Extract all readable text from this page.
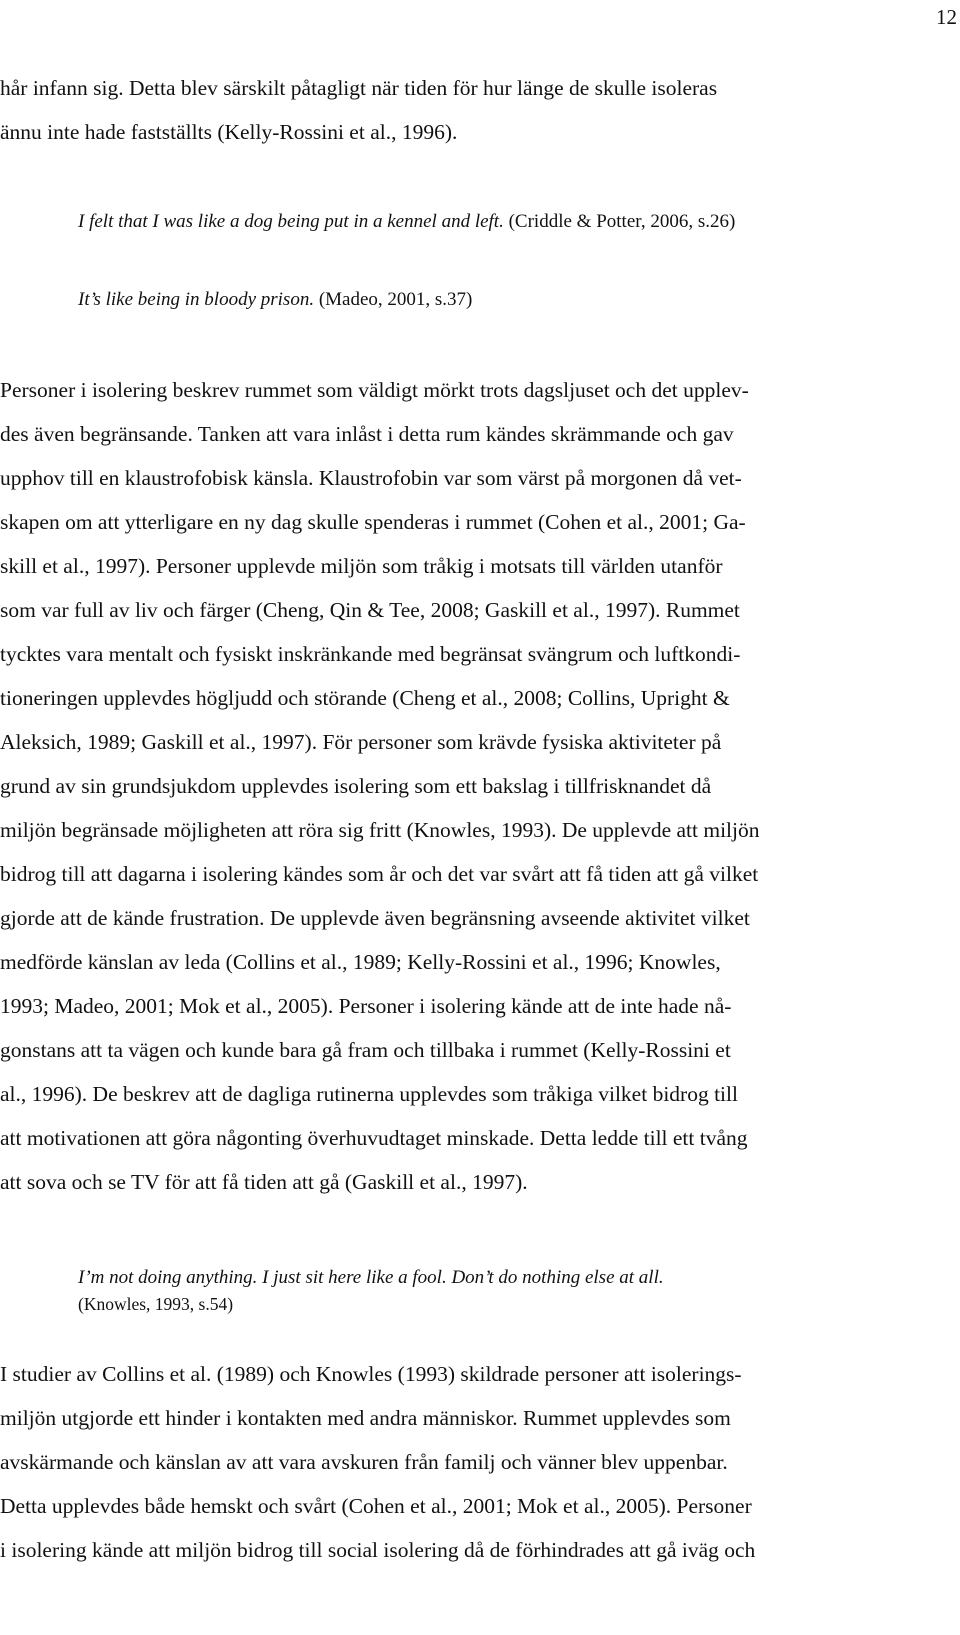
12
hår infann sig. Detta blev särskilt påtagligt när tiden för hur länge de skulle isoleras
ännu inte hade fastställts (Kelly-Rossini et al., 1996).
I felt that I was like a dog being put in a kennel and left. (Criddle & Potter, 2006, s.26)
It’s like being in bloody prison. (Madeo, 2001, s.37)
Personer i isolering beskrev rummet som väldigt mörkt trots dagsljuset och det upplev-
des även begränsande. Tanken att vara inlåst i detta rum kändes skrämmande och gav
upphov till en klaustrofobisk känsla. Klaustrofobin var som värst på morgonen då vet-
skapen om att ytterligare en ny dag skulle spenderas i rummet (Cohen et al., 2001; Ga-
skill et al., 1997). Personer upplevde miljön som tråkig i motsats till världen utanför
som var full av liv och färger (Cheng, Qin & Tee, 2008; Gaskill et al., 1997). Rummet
tycktes vara mentalt och fysiskt inskränkande med begränsat svängrum och luftkondi-
tioneringen upplevdes högljudd och störande (Cheng et al., 2008; Collins, Upright &
Aleksich, 1989; Gaskill et al., 1997). För personer som krävde fysiska aktiviteter på
grund av sin grundsjukdom upplevdes isolering som ett bakslag i tillfrisknandet då
miljön begränsade möjligheten att röra sig fritt (Knowles, 1993). De upplevde att miljön
bidrog till att dagarna i isolering kändes som år och det var svårt att få tiden att gå vilket
gjorde att de kände frustration. De upplevde även begränsning avseende aktivitet vilket
medförde känslan av leda (Collins et al., 1989; Kelly-Rossini et al., 1996; Knowles,
1993; Madeo, 2001; Mok et al., 2005). Personer i isolering kände att de inte hade nå-
gonstans att ta vägen och kunde bara gå fram och tillbaka i rummet (Kelly-Rossini et
al., 1996). De beskrev att de dagliga rutinerna upplevdes som tråkiga vilket bidrog till
att motivationen att göra någonting överhuvudtaget minskade. Detta ledde till ett tvång
att sova och se TV för att få tiden att gå (Gaskill et al., 1997).
I’m not doing anything. I just sit here like a fool. Don’t do nothing else at all.
(Knowles, 1993, s.54)
I studier av Collins et al. (1989) och Knowles (1993) skildrade personer att isolerings-
miljön utgjorde ett hinder i kontakten med andra människor. Rummet upplevdes som
avskärmande och känslan av att vara avskuren från familj och vänner blev uppenbar.
Detta upplevdes både hemskt och svårt (Cohen et al., 2001; Mok et al., 2005). Personer
i isolering kände att miljön bidrog till social isolering då de förhindrades att gå iväg och
